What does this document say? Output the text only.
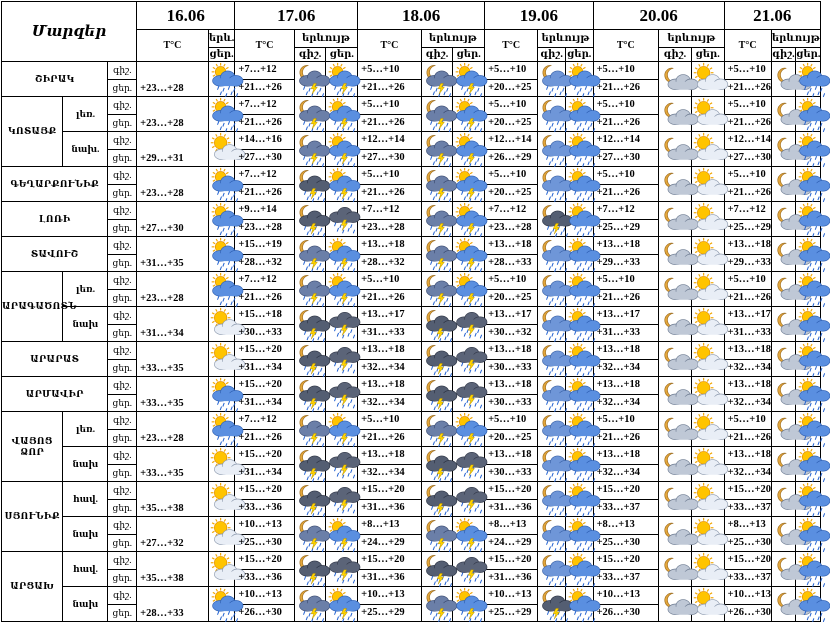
Մարզեր			16.06		17.06			18.06			19.06			20.06			21.06		
			T°C	երև.	T°C	երևույթ		T°C	երևույթ		T°C	երևույթ		T°C	երևույթ		T°C	երևույթ	
				ցեր.		գիշ.	ցեր.		գիշ.	ցեր.		գիշ.	ցեր.		գիշ.	ցեր.		գիշ.	ցեր.
ՇԻՐԱԿ		գիշ.	+23…+28		+7…+12			+5…+10			+5…+10			+5…+10			+5…+10	

		ցեր.			+21…+26			+21…+26			+20…+25			+21…+26			+21…+26		
ԿՈՏԱՅՔ	լեռ.	գիշ.	+23…+28		+7…+12			+5…+10			+5…+10			+5…+10			+5…+10	

		ցեր.			+21…+26			+21…+26			+20…+25			+21…+26			+21…+26		
	նախ.	գիշ.	+29…+31		+14…+16			+12…+14			+12…+14			+12…+14			+12…+14	

		ցեր.			+27…+30			+27…+30			+26…+29			+27…+30			+27…+30		
ԳԵՂԱՐՔՈՒՆԻՔ		գիշ.	+23…+28		+7…+12			+5…+10			+5…+10			+5…+10			+5…+10	

		ցեր.			+21…+26			+21…+26			+20…+25			+21…+26			+21…+26		
ԼՈՌԻ		գիշ.	+27…+30		+9…+14			+7…+12			+7…+12			+7…+12			+7…+12	

		ցեր.			+23…+28			+23…+28			+23…+28			+25…+29			+25…+29		
ՏԱՎՈՒՇ		գիշ.	+31…+35		+15…+19			+13…+18			+13…+18			+13…+18			+13…+18	

		ցեր.			+28…+32			+28…+32			+28…+33			+29…+33			+29…+33		
ԱՐԱԳԱԾՈՏՆ	լեռ.	գիշ.	+23…+28		+7…+12			+5…+10			+5…+10			+5…+10			+5…+10	

		ցեր.			+21…+26			+21…+26			+20…+25			+21…+26			+21…+26		
	նախ	գիշ.	+31…+34		+15…+18			+13…+17			+13…+17			+13…+17			+13…+17	

		ցեր.			+30…+33			+31…+33			+30…+32			+31…+33			+31…+33		
ԱՐԱՐԱՏ		գիշ.	+33…+35		+15…+20			+13…+18			+13…+18			+13…+18			+13…+18	

		ցեր.			+31…+34			+32…+34			+30…+33			+32…+34			+32…+34		
ԱՐՄԱՎԻՐ		գիշ.	+33…+35		+15…+20			+13…+18			+13…+18			+13…+18			+13…+18	

		ցեր.			+31…+34			+32…+34			+30…+33			+32…+34			+32…+34		
ՎԱՅՈՑ ՁՈՐ	լեռ.	գիշ.	+23…+28		+7…+12			+5…+10			+5…+10			+5…+10			+5…+10	

		ցեր.			+21…+26			+21…+26			+20…+25			+21…+26			+21…+26		
	նախ	գիշ.	+33…+35		+15…+20			+13…+18			+13…+18			+13…+18			+13…+18	

		ցեր.			+31…+34			+32…+34			+30…+33			+32…+34			+32…+34		
ՍՅՈՒՆԻՔ	հավ.	գիշ.	+35…+38		+15…+20			+15…+20			+15…+20			+15…+20			+15…+20	

		ցեր.			+33…+36			+31…+36			+31…+36			+33…+37			+33…+37		
	նախ	գիշ.	+27…+32		+10…+13			+8…+13			+8…+13			+8…+13			+8…+13	

		ցեր.			+25…+30			+24…+29			+24…+29			+25…+30			+25…+30		
ԱՐՑԱԽ	հավ.	գիշ.	+35…+38		+15…+20			+15…+20			+15…+20			+15…+20			+15…+20	

		ցեր.			+33…+36			+31…+36			+31…+36			+33…+37			+33…+37		
	նախ	գիշ.	+28…+33		+10…+13			+10…+13			+10…+13			+10…+13			+10…+13	

		ցեր.			+26…+30			+25…+29			+25…+29			+26…+30			+26…+30		
